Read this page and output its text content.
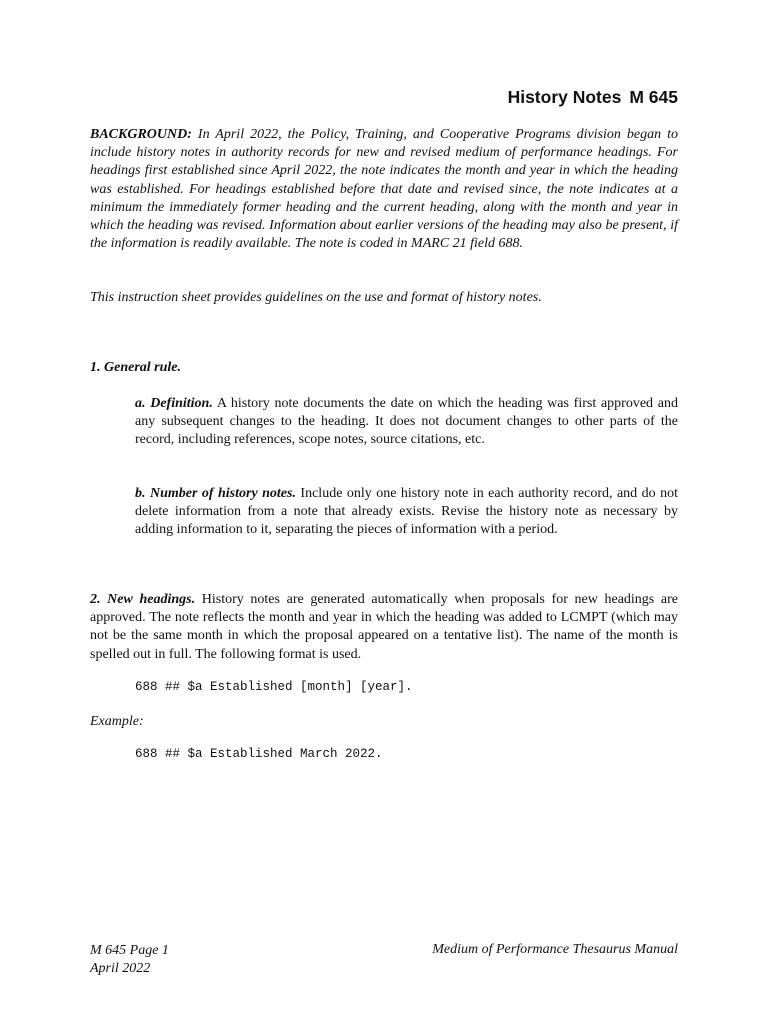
History Notes M 645

BACKGROUND: In April 2022, the Policy, Training, and Cooperative Programs division began to include history notes in authority records for new and revised medium of performance headings. For headings first established since April 2022, the note indicates the month and year in which the heading was established. For headings established before that date and revised since, the note indicates at a minimum the immediately former heading and the current heading, along with the month and year in which the heading was revised. Information about earlier versions of the heading may also be present, if the information is readily available. The note is coded in MARC 21 field 688.

This instruction sheet provides guidelines on the use and format of history notes.

1. General rule.

a. Definition. A history note documents the date on which the heading was first approved and any subsequent changes to the heading. It does not document changes to other parts of the record, including references, scope notes, source citations, etc.

b. Number of history notes. Include only one history note in each authority record, and do not delete information from a note that already exists. Revise the history note as necessary by adding information to it, separating the pieces of information with a period.

2. New headings. History notes are generated automatically when proposals for new headings are approved. The note reflects the month and year in which the heading was added to LCMPT (which may not be the same month in which the proposal appeared on a tentative list). The name of the month is spelled out in full. The following format is used.

688 ## $a Established [month] [year].
Example:
688 ## $a Established March 2022.
M 645 Page 1
April 2022
Medium of Performance Thesaurus Manual
